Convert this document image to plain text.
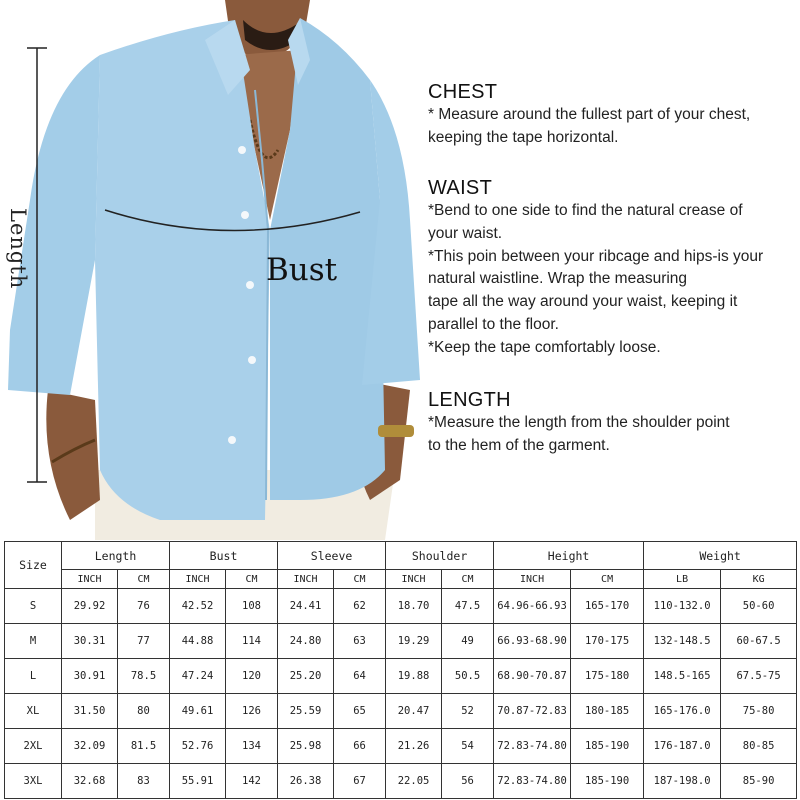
Length	Bust
CHEST
* Measure around the fullest part of your chest,
keeping the tape horizontal.
WAIST
*Bend to one side to find the natural crease of
your waist.
*This poin between your ribcage and hips-is your
natural waistline. Wrap the measuring
tape all the way around your waist, keeping it
parallel to the floor.
*Keep the tape comfortably loose.
LENGTH
*Measure the length from the shoulder point
to the hem of the garment.
Size	Length		Bust		Sleeve		Shoulder		Height		Weight	
	INCH	CM	INCH	CM	INCH	CM	INCH	CM	INCH	CM	LB	KG
S	29.92	76	42.52	108	24.41	62	18.70	47.5	64.96-66.93	165-170	110-132.0	50-60
M	30.31	77	44.88	114	24.80	63	19.29	49	66.93-68.90	170-175	132-148.5	60-67.5
L	30.91	78.5	47.24	120	25.20	64	19.88	50.5	68.90-70.87	175-180	148.5-165	67.5-75
XL	31.50	80	49.61	126	25.59	65	20.47	52	70.87-72.83	180-185	165-176.0	75-80
2XL	32.09	81.5	52.76	134	25.98	66	21.26	54	72.83-74.80	185-190	176-187.0	80-85
3XL	32.68	83	55.91	142	26.38	67	22.05	56	72.83-74.80	185-190	187-198.0	85-90
